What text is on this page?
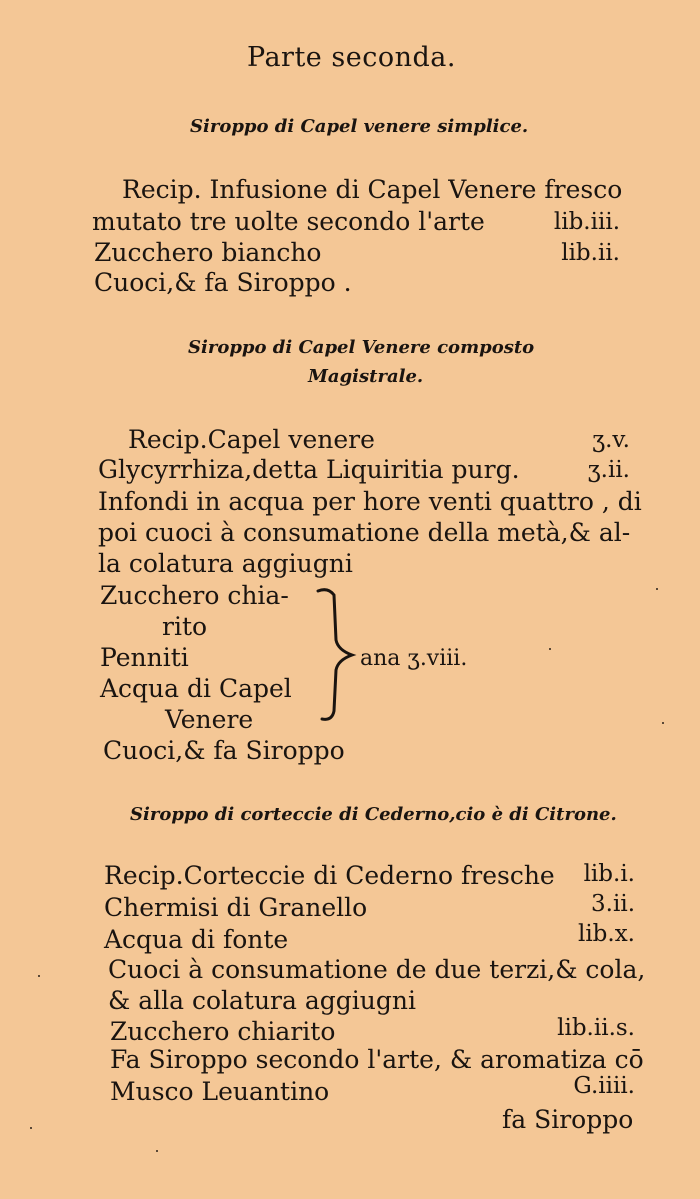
Parte seconda.
Siroppo di Capel venere simplice.
Recip. Infusione di Capel Venere fresco
mutato tre uolte secondo l'arte	lib.iii.
Zucchero biancho	lib.ii.
Cuoci,& fa Siroppo .
Siroppo di Capel Venere composto
Magistrale.
Recip.Capel venere	ʒ.v.
Glycyrrhiza,detta Liquiritia purg.	ʒ.ii.
Infondi in acqua per hore venti quattro , di
poi cuoci à consumatione della metà,& al-
la colatura aggiugni
Zucchero chia-
rito
Penniti
Acqua di Capel
Venere
ana ʒ.viii.
Cuoci,& fa Siroppo
Siroppo di corteccie di Cederno,cio è di Citrone.
Recip.Corteccie di Cederno fresche	lib.i.
Chermisi di Granello	3.ii.
Acqua di fonte	lib.x.
Cuoci à consumatione de due terzi,& cola,
& alla colatura aggiugni
Zucchero chiarito	lib.ii.s.
Fa Siroppo secondo l'arte, & aromatiza cō
Musco Leuantino	G.iiii.
fa Siroppo
